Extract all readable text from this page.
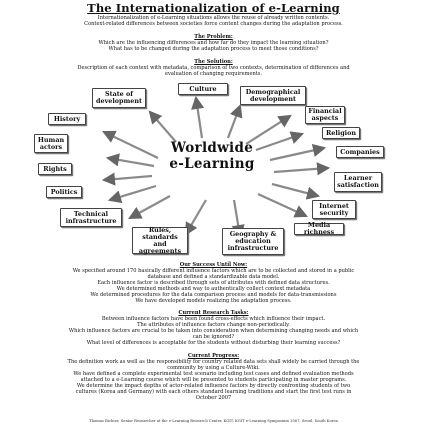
The Internationalization of e-Learning
Internationalization of e-Learning situations allows the reuse of already written contents.
Context-related differences between societies force content changes during the adaptation process.
The Problem:
Which are the influencing differences and how far do they impact the learning situation?
What has to be changed during the adaptation process to meet those conditions?
The Solution:
Description of each context with metadata, comparison of two contexts, determination of differences and
evaluation of changing requirements.
Worldwide
e-Learning
State of development
Culture	Demographical development
Financial aspects
History
Religion
Human actors
Companies
Rights
Learner satisfaction
Politics
Internet security
Technical infrastructure
Media richness
Rules, standards and agreements
Geography & education infrastructure
Our Success Until Now:
We specified around 170 basically different influence factors which are to be collected and stored in a public
database and defined a standardizable data model.
Each influence factor is described through sets of attributes with defined data structures.
We determined methods and way to authentically collect context metadata
We determined procedures for the data comparison process and models for data-transmissions
We have developed models realizing the adaptation process.
Current Research Tasks:
Between influence factors have been found cross-effects which influence their impact.
The attributes of influence factors change non-periodically.
Which influence factors are crucial to be taken into consideration when determining changing needs and which
can be ignored?
What level of differences is acceptable for the students without disturbing their learning success?
Current Progress:
The definition work as well as the responsibility for country related data sets shall widely be carried through the
community by using a Culture-Wiki.
We have defined a complete experimental test scenario including test cases and defined evaluation methods
attached to a e-Learning course which will be presented to students participating in master programs.
We determine the impact depths of actor-related influence factors by directly confronting students of two
cultures (Korea and Germany) with each others standard learning traditions and start the first test runs in
October 2007
Thomas Richter, Senior Researcher at the e-Learning Research Center, KGIT, KGIT e-Learning Symposium 2007, Seoul, South Korea
